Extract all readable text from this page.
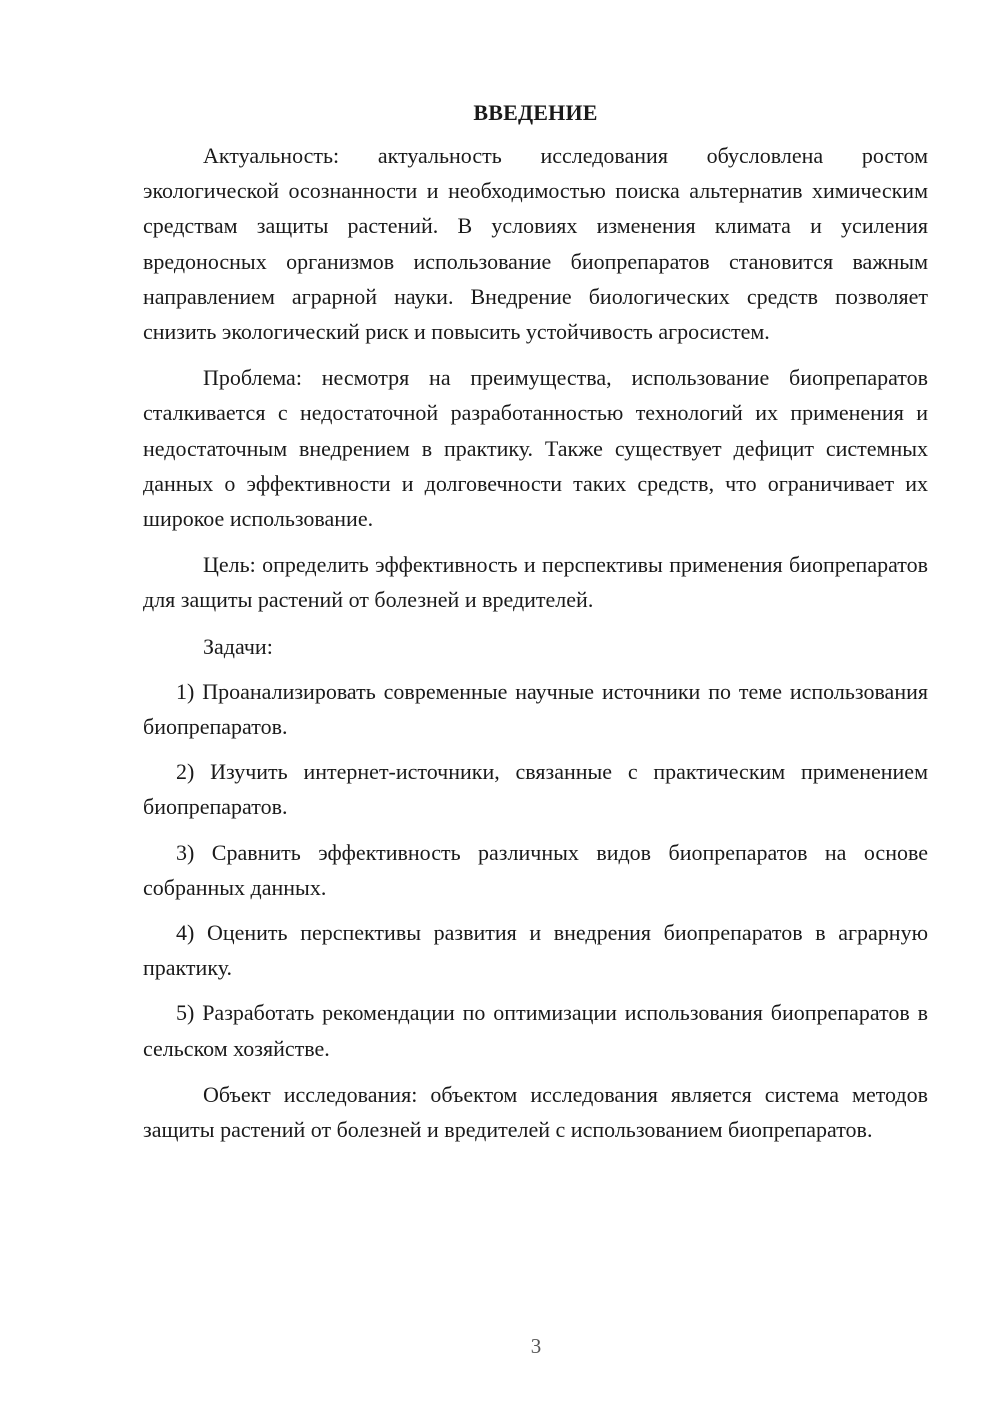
ВВЕДЕНИЕ

Актуальность: актуальность исследования обусловлена ростом экологической осознанности и необходимостью поиска альтернатив химическим средствам защиты растений. В условиях изменения климата и усиления вредоносных организмов использование биопрепаратов становится важным направлением аграрной науки. Внедрение биологических средств позволяет снизить экологический риск и повысить устойчивость агросистем.

Проблема: несмотря на преимущества, использование биопрепаратов сталкивается с недостаточной разработанностью технологий их применения и недостаточным внедрением в практику. Также существует дефицит системных данных о эффективности и долговечности таких средств, что ограничивает их широкое использование.

Цель: определить эффективность и перспективы применения биопрепаратов для защиты растений от болезней и вредителей.

Задачи:

1) Проанализировать современные научные источники по теме использования биопрепаратов.

2) Изучить интернет-источники, связанные с практическим применением биопрепаратов.

3) Сравнить эффективность различных видов биопрепаратов на основе собранных данных.

4) Оценить перспективы развития и внедрения биопрепаратов в аграрную практику.

5) Разработать рекомендации по оптимизации использования биопрепаратов в сельском хозяйстве.

Объект исследования: объектом исследования является система методов защиты растений от болезней и вредителей с использованием биопрепаратов.

3
